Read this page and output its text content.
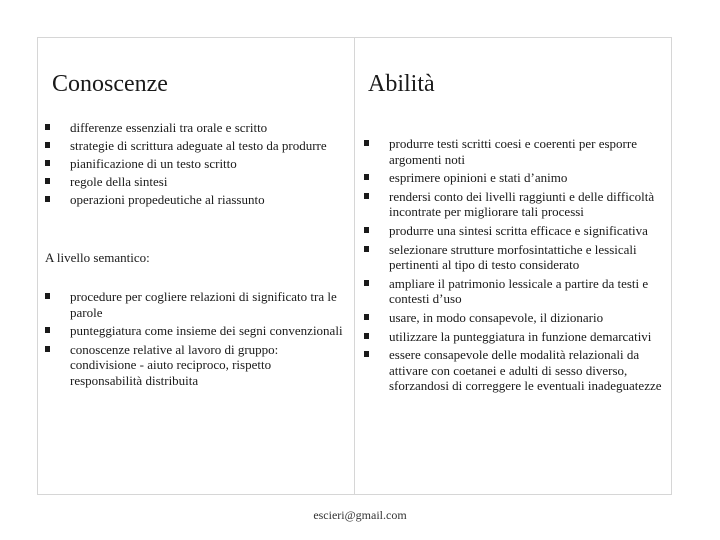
Conoscenze	Abilità
differenze essenziali tra orale e scritto
strategie di scrittura adeguate al testo da produrre
pianificazione di un testo scritto
regole della sintesi
operazioni propedeutiche al riassunto

A livello semantico:

procedure per cogliere relazioni di significato tra le parole
punteggiatura come insieme dei segni convenzionali
conoscenze relative al lavoro di gruppo: condivisione - aiuto reciproco, rispetto responsabilità distribuita
produrre testi scritti coesi e coerenti per esporre argomenti noti
esprimere opinioni e stati d’animo
rendersi conto dei livelli raggiunti e delle difficoltà incontrate per migliorare tali processi
produrre una sintesi scritta efficace e significativa
selezionare strutture morfosintattiche e lessicali pertinenti al tipo di testo considerato
ampliare il patrimonio lessicale a partire da testi e contesti d’uso
usare, in modo consapevole, il dizionario
utilizzare la punteggiatura in funzione demarcativi
essere consapevole delle modalità relazionali da attivare con coetanei e adulti di sesso diverso, sforzandosi di correggere le eventuali inadeguatezze
escieri@gmail.com
